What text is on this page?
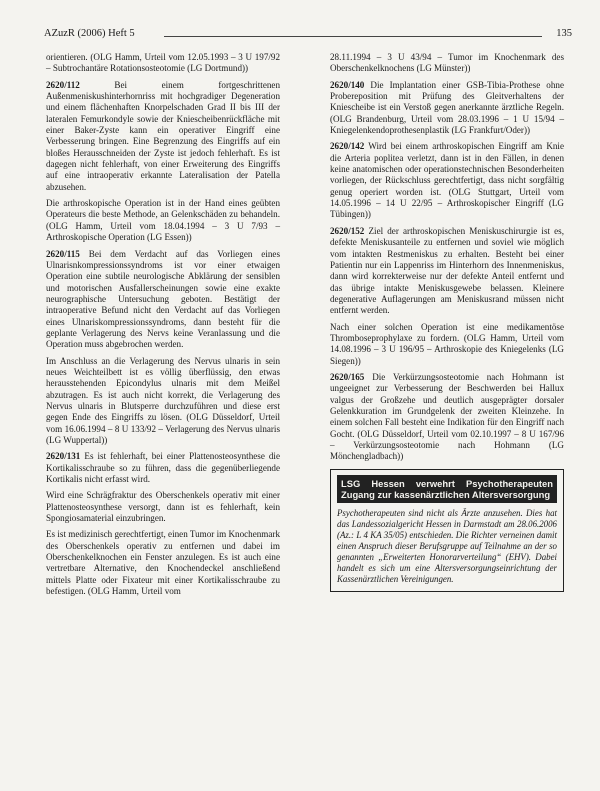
AZuzR (2006) Heft 5	135

orientieren. (OLG Hamm, Urteil vom 12.05.1993 – 3 U 197/92 – Subtrochantäre Rotationsosteotomie (LG Dortmund))

2620/112 Bei einem fortgeschrittenen Außenmeniskushinterhornriss mit hochgradiger Degeneration und einem flächenhaften Knorpelschaden Grad II bis III der lateralen Femurkondyle sowie der Kniescheibenrückfläche mit einer Baker-Zyste kann ein operativer Eingriff eine Verbesserung bringen. Eine Begrenzung des Eingriffs auf ein bloßes Herausschneiden der Zyste ist jedoch fehlerhaft. Es ist dagegen nicht fehlerhaft, von einer Erweiterung des Eingriffs auf eine intraoperativ erkannte Lateralisation der Patella abzusehen.

Die arthroskopische Operation ist in der Hand eines geübten Operateurs die beste Methode, an Gelenkschäden zu behandeln. (OLG Hamm, Urteil vom 18.04.1994 – 3 U 7/93 – Arthroskopische Operation (LG Essen))

2620/115 Bei dem Verdacht auf das Vorliegen eines Ulnarisnkompressionssyndroms ist vor einer etwaigen Operation eine subtile neurologische Abklärung der sensiblen und motorischen Ausfallerscheinungen sowie eine exakte neurographische Untersuchung geboten. Bestätigt der intraoperative Befund nicht den Verdacht auf das Vorliegen eines Ulnariskompressionssyndroms, dann besteht für die geplante Verlagerung des Nervs keine Veranlassung und die Operation muss abgebrochen werden.

Im Anschluss an die Verlagerung des Nervus ulnaris in sein neues Weichteilbett ist es völlig überflüssig, den etwas herausstehenden Epicondylus ulnaris mit dem Meißel abzutragen. Es ist auch nicht korrekt, die Verlagerung des Nervus ulnaris in Blutsperre durchzuführen und diese erst gegen Ende des Eingriffs zu lösen. (OLG Düsseldorf, Urteil vom 16.06.1994 – 8 U 133/92 – Verlagerung des Nervus ulnaris (LG Wuppertal))

2620/131 Es ist fehlerhaft, bei einer Plattenosteosynthese die Kortikalisschraube so zu führen, dass die gegenüberliegende Kortikalis nicht erfasst wird.

Wird eine Schrägfraktur des Oberschenkels operativ mit einer Plattenosteosynthese versorgt, dann ist es fehlerhaft, kein Spongiosamaterial einzubringen.

Es ist medizinisch gerechtfertigt, einen Tumor im Knochenmark des Oberschenkels operativ zu entfernen und dabei im Oberschenkelknochen ein Fenster anzulegen. Es ist auch eine vertretbare Alternative, den Knochendeckel anschließend mittels Platte oder Fixateur mit einer Kortikalisschraube zu befestigen. (OLG Hamm, Urteil vom

28.11.1994 – 3 U 43/94 – Tumor im Knochenmark des Oberschenkelknochens (LG Münster))

2620/140 Die Implantation einer GSB-Tibia-Prothese ohne Probereposition mit Prüfung des Gleitverhaltens der Kniescheibe ist ein Verstoß gegen anerkannte ärztliche Regeln. (OLG Brandenburg, Urteil vom 28.03.1996 – 1 U 15/94 – Kniegelenkendoprothesenplastik (LG Frankfurt/Oder))

2620/142 Wird bei einem arthroskopischen Eingriff am Knie die Arteria poplitea verletzt, dann ist in den Fällen, in denen keine anatomischen oder operationstechnischen Besonderheiten vorliegen, der Rückschluss gerechtfertigt, dass nicht sorgfältig genug operiert worden ist. (OLG Stuttgart, Urteil vom 14.05.1996 – 14 U 22/95 – Arthroskopischer Eingriff (LG Tübingen))

2620/152 Ziel der arthroskopischen Meniskuschirurgie ist es, defekte Meniskusanteile zu entfernen und soviel wie möglich vom intakten Restmeniskus zu erhalten. Besteht bei einer Patientin nur ein Lappenriss im Hinterhorn des Innenmeniskus, dann wird korrekterweise nur der defekte Anteil entfernt und das übrige intakte Meniskusgewebe belassen. Kleinere degenerative Auflagerungen am Meniskusrand müssen nicht entfernt werden.

Nach einer solchen Operation ist eine medikamentöse Thromboseprophylaxe zu fordern. (OLG Hamm, Urteil vom 14.08.1996 – 3 U 196/95 – Arthroskopie des Kniegelenks (LG Siegen))

2620/165 Die Verkürzungsosteotomie nach Hohmann ist ungeeignet zur Verbesserung der Beschwerden bei Hallux valgus der Großzehe und deutlich ausgeprägter dorsaler Gelenkkuration im Grundgelenk der zweiten Kleinzehe. In einem solchen Fall besteht eine Indikation für den Eingriff nach Gocht. (OLG Düsseldorf, Urteil vom 02.10.1997 – 8 U 167/96 – Verkürzungsosteotomie nach Hohmann (LG Mönchengladbach))

LSG Hessen verwehrt Psychotherapeuten Zugang zur kassenärztlichen Altersversorgung
Psychotherapeuten sind nicht als Ärzte anzusehen. Dies hat das Landessozialgericht Hessen in Darmstadt am 28.06.2006 (Az.: L 4 KA 35/05) entschieden. Die Richter verneinen damit einen Anspruch dieser Berufsgruppe auf Teilnahme an der so genannten „Erweiterten Honorarverteilung“ (EHV). Dabei handelt es sich um eine Altersversorgungseinrichtung der Kassenärztlichen Vereinigungen.
